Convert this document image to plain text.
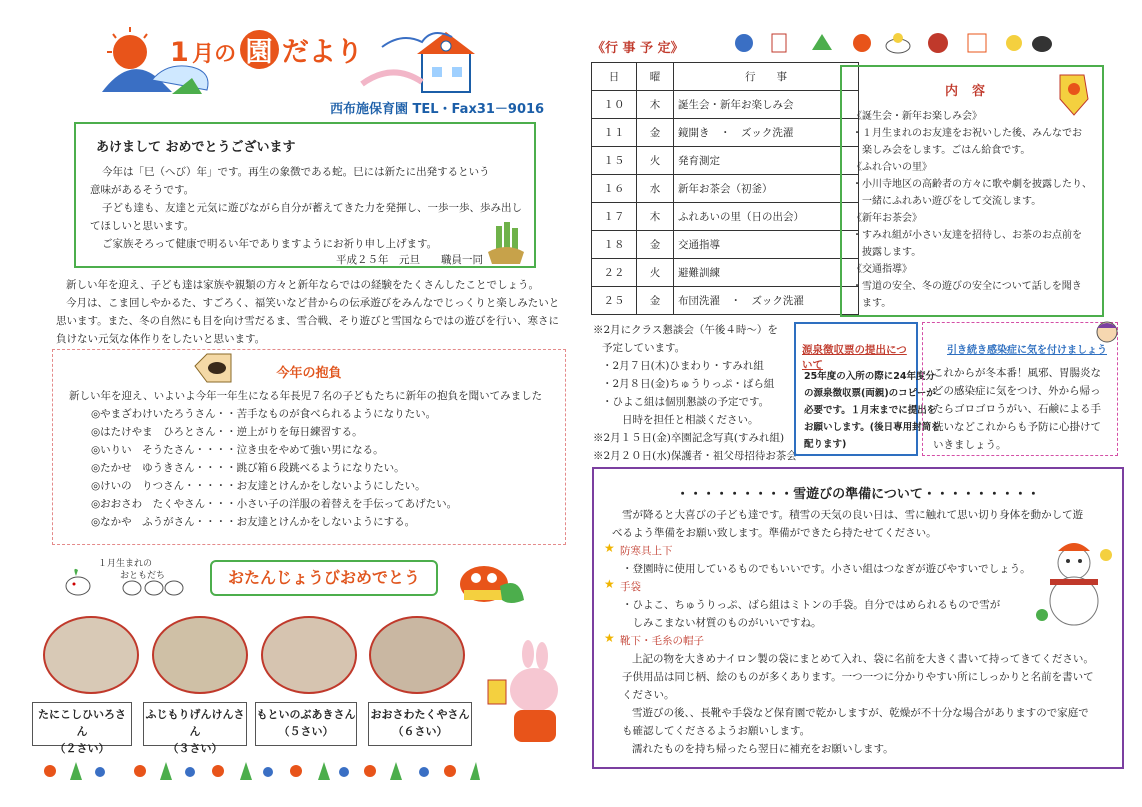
1 月の 園 だより
西布施保育園 TEL・Fax31－9016
あけまして おめでとうございます
今年は「巳（へび）年」です。再生の象徴である蛇。巳には新たに出発するという
意味があるそうです。
子ども達も、友達と元気に遊びながら自分が蓄えてきた力を発揮し、一歩一歩、歩み出し
てほしいと思います。
ご家族そろって健康で明るい年でありますようにお祈り申し上げます。
平成２５年　元旦　　職員一同
新しい年を迎え、子ども達は家族や親類の方々と新年ならではの経験をたくさんしたことでしょう。
今月は、こま回しやかるた、すごろく、福笑いなど昔からの伝承遊びをみんなでじっくりと楽しみたいと
思います。また、冬の自然にも目を向け雪だるま、雪合戦、そり遊びと雪国ならではの遊びを行い、寒さに
負けない元気な体作りをしたいと思います。
今年の抱負
新しい年を迎え、いよいよ今年一年生になる年長児７名の子どもたちに新年の抱負を聞いてみました
◎やまざわけいたろうさん・・苦手なものが食べられるようになりたい。
◎はたけやま　ひろとさん・・逆上がりを毎日練習する。
◎いりい　そうたさん・・・・泣き虫をやめて強い男になる。
◎たかせ　ゆうきさん・・・・跳び箱６段跳べるようになりたい。
◎けいの　りつさん・・・・・お友達とけんかをしないようにしたい。
◎おおさわ　たくやさん・・・小さい子の洋服の着替えを手伝ってあげたい。
◎なかや　ふうがさん・・・・お友達とけんかをしないようにする。
１月生まれの
おともだち	おたんじょうびおめでとう
たにこしひいろさん
（２さい）
ふじもりげんけんさん
（３さい）
もといのぶあきさん
（５さい）
おおさわたくやさん
（６さい）
《行 事 予 定》
日	曜	行　　事
１０	木	誕生会・新年お楽しみ会
１１	金	鏡開き　・　ズック洗濯
１５	火	発育測定
１６	水	新年お茶会（初釜）
１７	木	ふれあいの里（日の出会）
１８	金	交通指導
２２	火	避難訓練
２５	金	布団洗濯　・　ズック洗濯
内容
《誕生会・新年お楽しみ会》
・１月生まれのお友達をお祝いした後、みんなでお
　楽しみ会をします。ごはん給食です。
《ふれ合いの里》
・小川寺地区の高齢者の方々に歌や劇を披露したり、
　一緒にふれあい遊びをして交流します。
《新年お茶会》
・すみれ組が小さい友達を招待し、お茶のお点前を
　披露します。
《交通指導》
・雪道の安全、冬の遊びの安全について話しを聞き
　ます。
※2月にクラス懇談会（午後４時～）を
予定しています。
・2月７日(木)ひまわり・すみれ組
・2月８日(金)ちゅうりっぷ・ばら組
・ひよこ組は個別懇談の予定です。
日時を担任と相談ください。
※2月１５日(金)卒園記念写真(すみれ組)
※2月２０日(水)保護者・祖父母招待お茶会
源泉徴収票の提出について
25年度の入所の際に24年度分
の源泉徴収票(両親)のコピーが
必要です。１月末までに提出を
お願いします。(後日専用封筒を
配ります)
引き続き感染症に気を付けましょう
これからが冬本番！風邪、胃腸炎な
どの感染症に気をつけ、外から帰っ
たらゴロゴロうがい、石鹸による手
洗いなどこれからも予防に心掛けて
いきましょう。
・・・・・・・・・雪遊びの準備について・・・・・・・・・
雪が降ると大喜びの子ども達です。積雪の天気の良い日は、雪に触れて思い切り身体を動かして遊
べるよう準備をお願い致します。準備ができたら持たせてください。
★ 防寒具上下
・登園時に使用しているものでもいいです。小さい組はつなぎが遊びやすいでしょう。
★ 手袋
・ひよこ、ちゅうりっぷ、ばら組はミトンの手袋。自分ではめられるもので雪が
　しみこまない材質のものがいいですね。
★ 靴下・毛糸の帽子
上記の物を大きめナイロン製の袋にまとめて入れ、袋に名前を大きく書いて持ってきてください。
子供用品は同じ柄、絵のものが多くあります。一つ一つに分かりやすい所にしっかりと名前を書いて
ください。
雪遊びの後、、長靴や手袋など保育園で乾かしますが、乾燥が不十分な場合がありますので家庭で
も確認してくださるようお願いします。
濡れたものを持ち帰ったら翌日に補充をお願いします。
